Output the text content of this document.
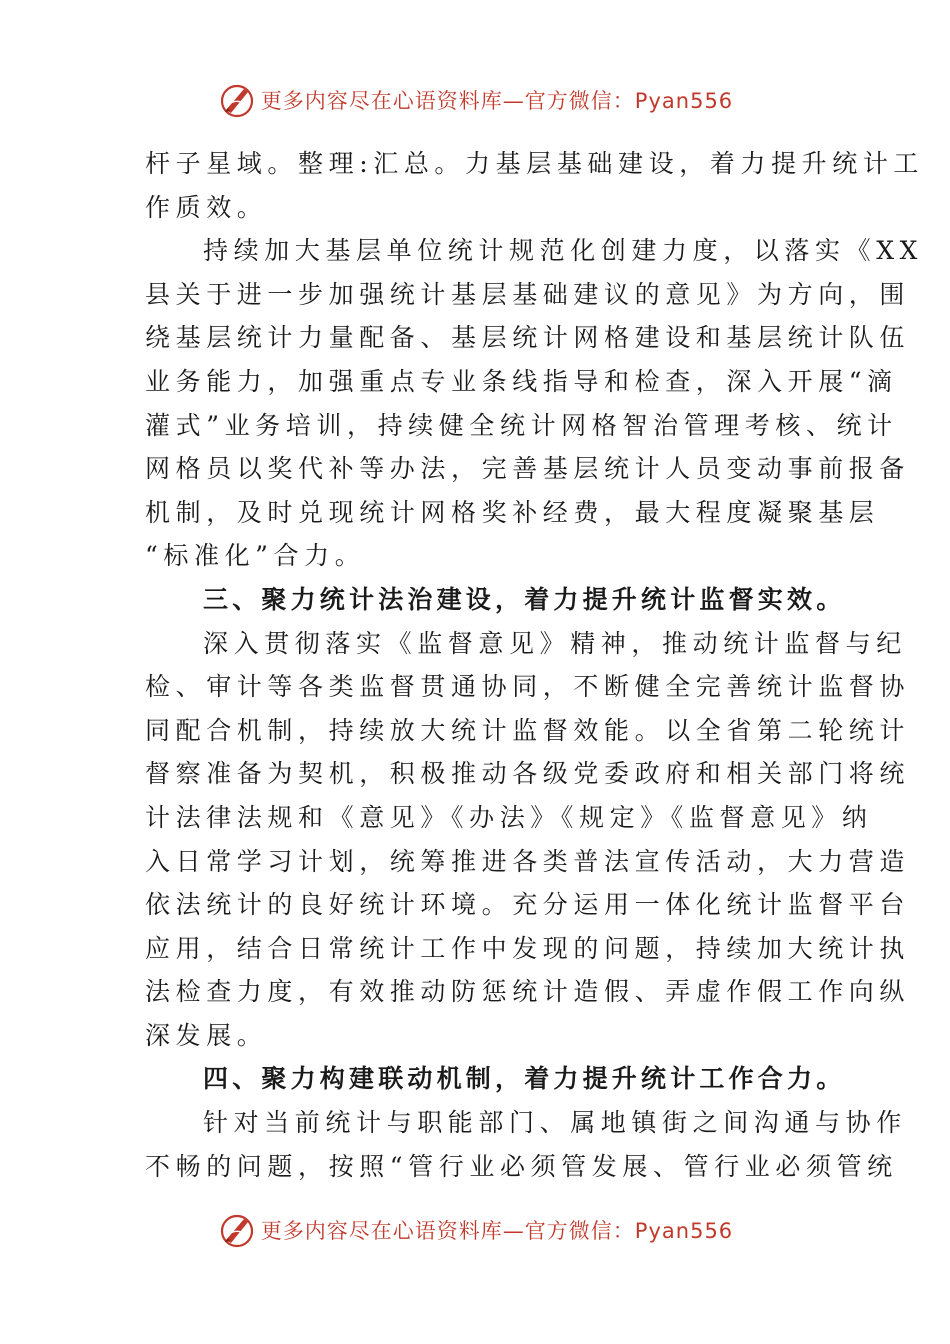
更多内容尽在心语资料库—官方微信：Pyan556
杆子星域。整理:汇总。力基层基础建设，着力提升统计工
作质效。
持续加大基层单位统计规范化创建力度，以落实《XX
县关于进一步加强统计基层基础建议的意见》为方向，围
绕基层统计力量配备、基层统计网格建设和基层统计队伍
业务能力，加强重点专业条线指导和检查，深入开展“滴
灌式”业务培训，持续健全统计网格智治管理考核、统计
网格员以奖代补等办法，完善基层统计人员变动事前报备
机制，及时兑现统计网格奖补经费，最大程度凝聚基层
“标准化”合力。
三、聚力统计法治建设，着力提升统计监督实效。
深入贯彻落实《监督意见》精神，推动统计监督与纪
检、审计等各类监督贯通协同，不断健全完善统计监督协
同配合机制，持续放大统计监督效能。以全省第二轮统计
督察准备为契机，积极推动各级党委政府和相关部门将统
计法律法规和《意见》《办法》《规定》《监督意见》纳
入日常学习计划，统筹推进各类普法宣传活动，大力营造
依法统计的良好统计环境。充分运用一体化统计监督平台
应用，结合日常统计工作中发现的问题，持续加大统计执
法检查力度，有效推动防惩统计造假、弄虚作假工作向纵
深发展。
四、聚力构建联动机制，着力提升统计工作合力。
针对当前统计与职能部门、属地镇街之间沟通与协作
不畅的问题，按照“管行业必须管发展、管行业必须管统
更多内容尽在心语资料库—官方微信：Pyan556
